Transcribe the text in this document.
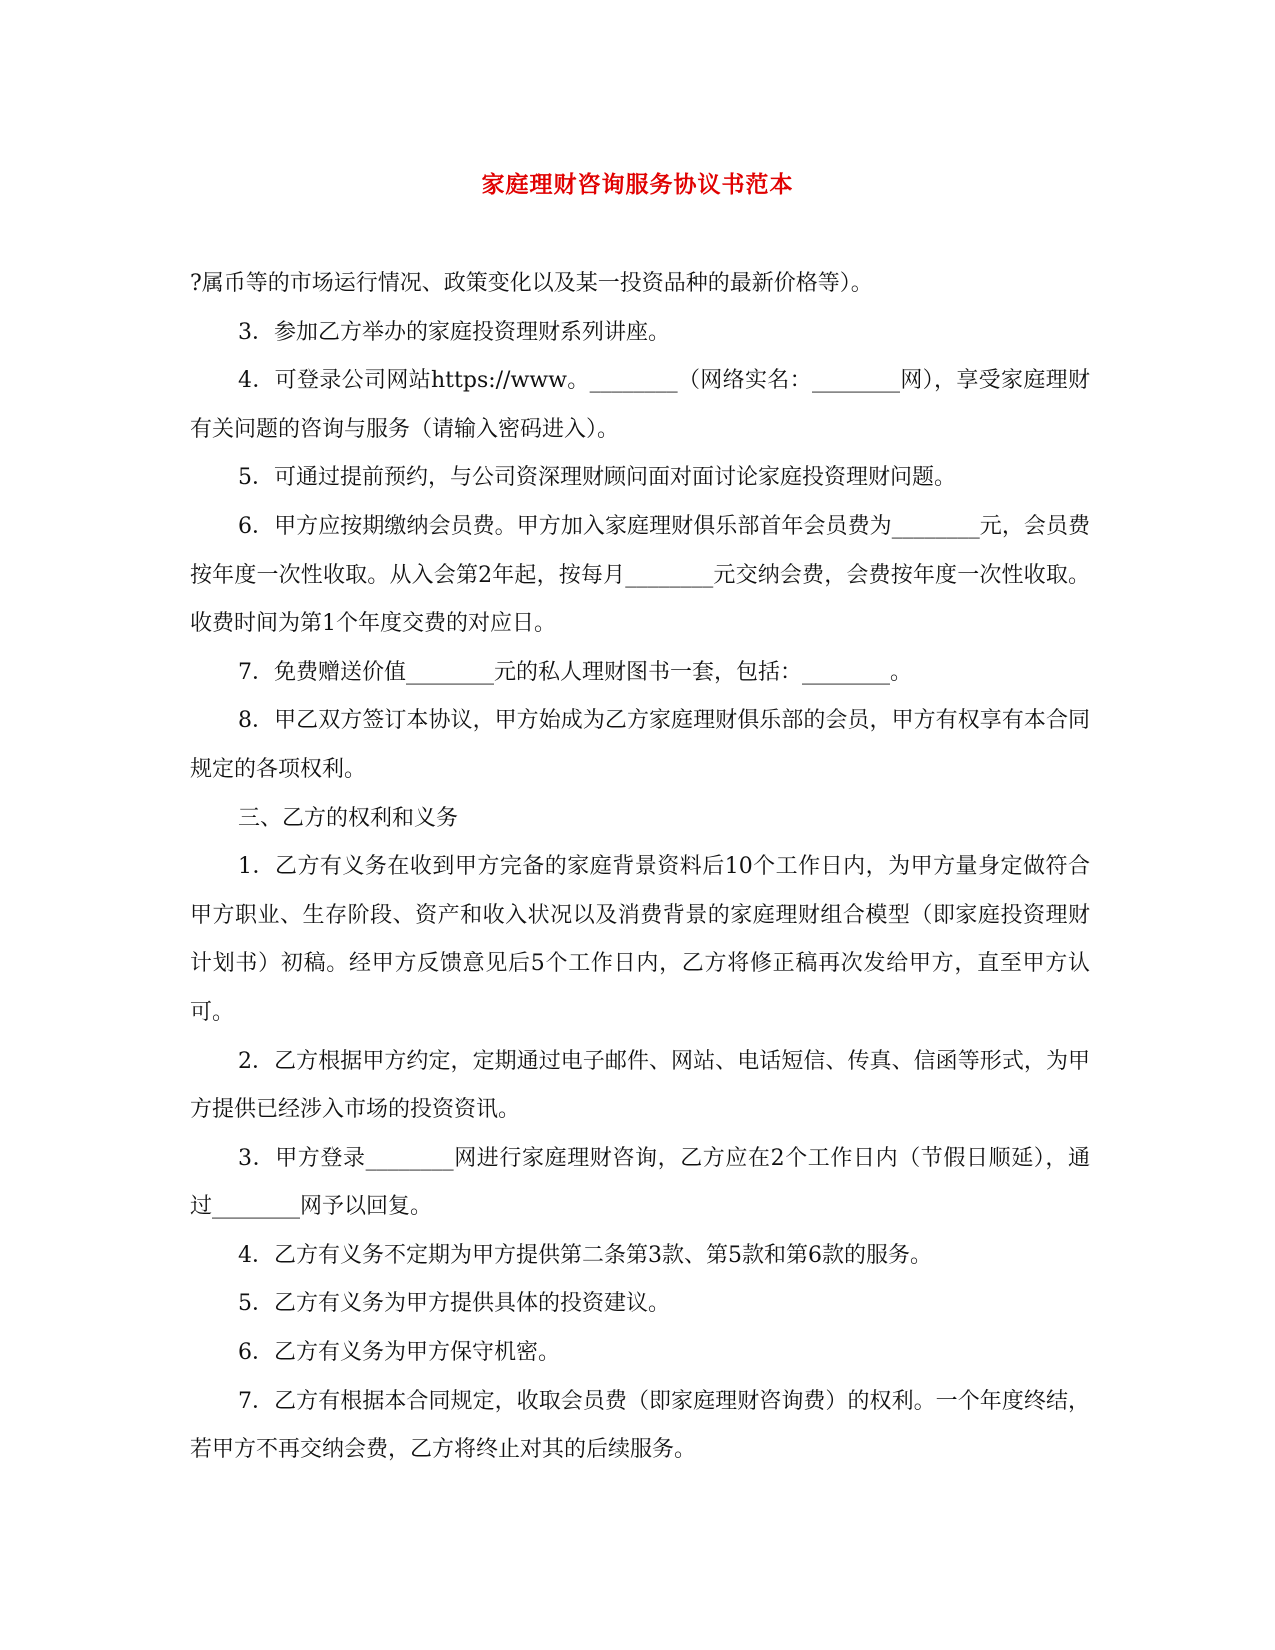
家庭理财咨询服务协议书范本

?属币等的市场运行情况、政策变化以及某一投资品种的最新价格等）。

3．参加乙方举办的家庭投资理财系列讲座。

4．可登录公司网站https://www。________（网络实名：________网），享受家庭理财有关问题的咨询与服务（请输入密码进入）。

5．可通过提前预约，与公司资深理财顾问面对面讨论家庭投资理财问题。

6．甲方应按期缴纳会员费。甲方加入家庭理财俱乐部首年会员费为________元，会员费按年度一次性收取。从入会第2年起，按每月________元交纳会费，会费按年度一次性收取。收费时间为第1个年度交费的对应日。

7．免费赠送价值________元的私人理财图书一套，包括：________。

8．甲乙双方签订本协议，甲方始成为乙方家庭理财俱乐部的会员，甲方有权享有本合同规定的各项权利。

三、乙方的权利和义务

1．乙方有义务在收到甲方完备的家庭背景资料后10个工作日内，为甲方量身定做符合甲方职业、生存阶段、资产和收入状况以及消费背景的家庭理财组合模型（即家庭投资理财计划书）初稿。经甲方反馈意见后5个工作日内，乙方将修正稿再次发给甲方，直至甲方认可。

2．乙方根据甲方约定，定期通过电子邮件、网站、电话短信、传真、信函等形式，为甲方提供已经涉入市场的投资资讯。

3．甲方登录________网进行家庭理财咨询，乙方应在2个工作日内（节假日顺延），通过________网予以回复。

4．乙方有义务不定期为甲方提供第二条第3款、第5款和第6款的服务。

5．乙方有义务为甲方提供具体的投资建议。

6．乙方有义务为甲方保守机密。

7．乙方有根据本合同规定，收取会员费（即家庭理财咨询费）的权利。一个年度终结，若甲方不再交纳会费，乙方将终止对其的后续服务。
